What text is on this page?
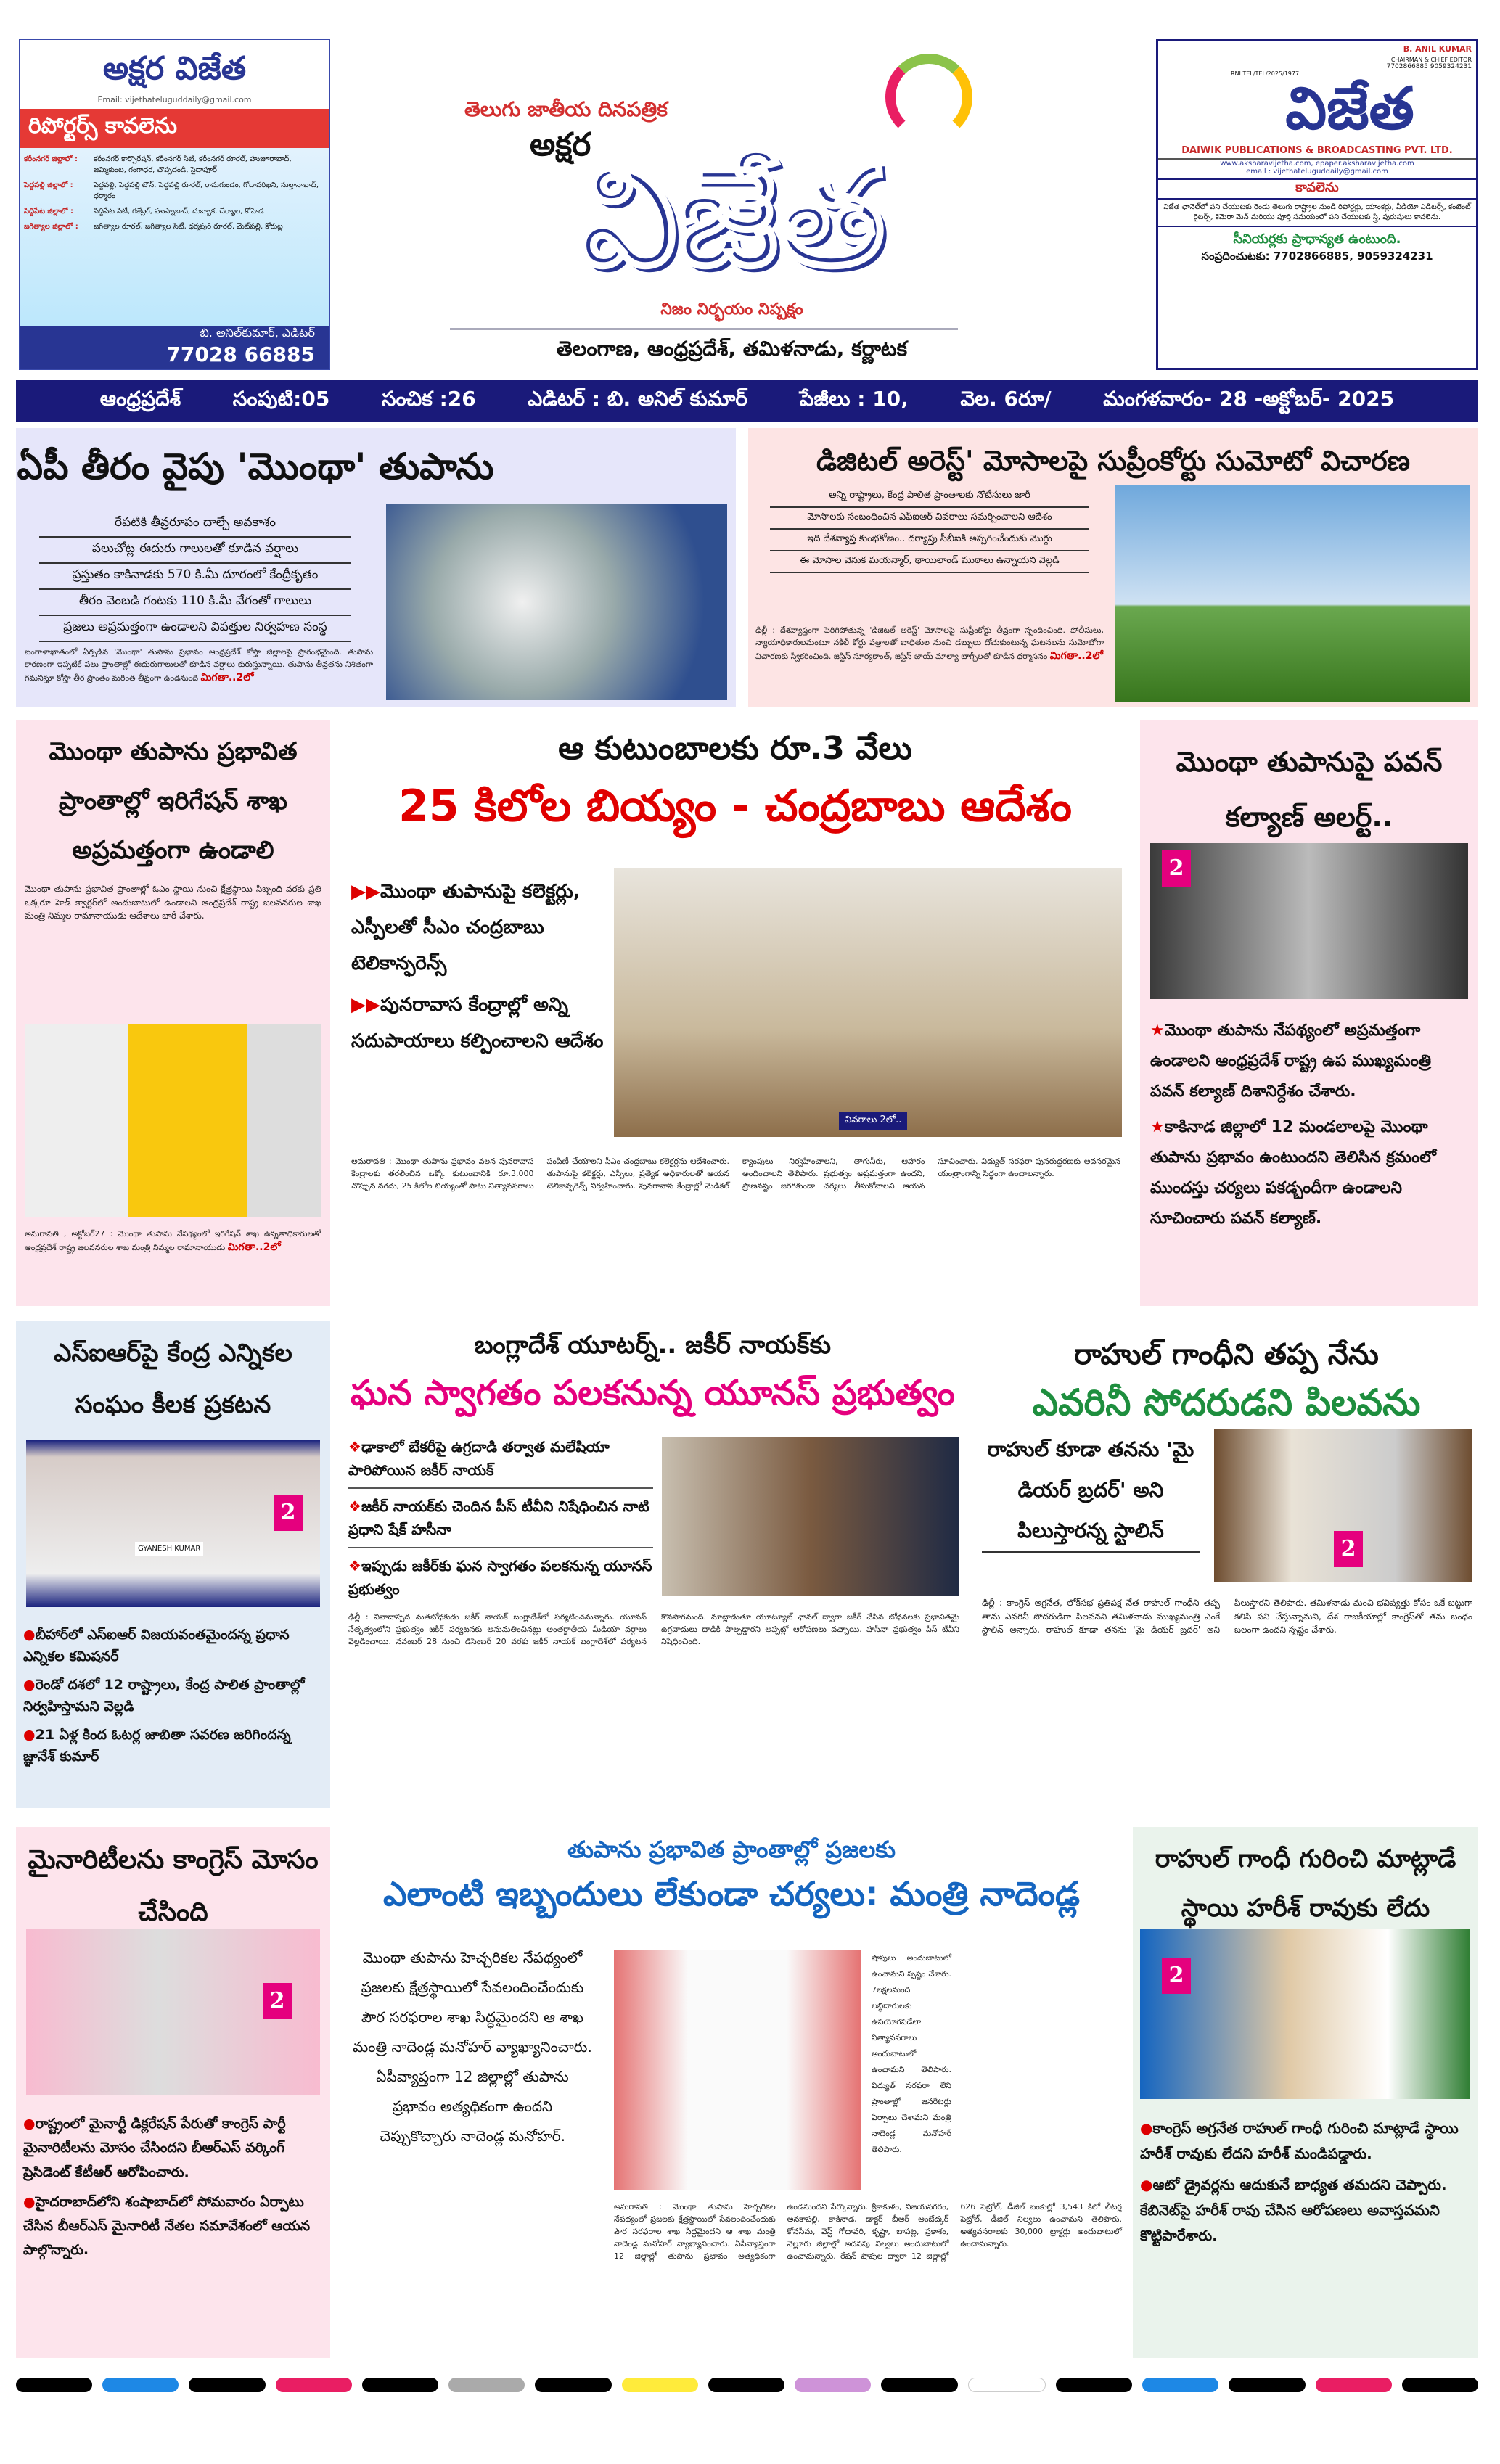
అక్షర విజేత
Email: vijethateluguddaily@gmail.com
రిపోర్టర్స్ కావలెను
కరీంనగర్ జిల్లాలో :	కరీంనగర్ కార్పొరేషన్, కరీంనగర్ సిటీ, కరీంనగర్ రూరల్, హుజూరాబాద్, జమ్మికుంట, గంగాధర, చొప్పదండి, సైదాపూర్
పెద్దపల్లి జిల్లాలో :	పెద్దపల్లి, పెద్దపల్లి టౌన్, పెద్దపల్లి రూరల్, రామగుండం, గోదావరిఖని, సుల్తానాబాద్, ధర్మారం
సిద్దిపేట జిల్లాలో :	సిద్దిపేట సిటీ, గజ్వేల్, హుస్నాబాద్, దుబ్బాక, చేర్యాల, కోహెడ
జగిత్యాల జిల్లాలో :	జగిత్యాల రూరల్, జగిత్యాల సిటీ, ధర్మపురి రూరల్, మెట్‌పల్లి, కోరుట్ల
బి. అనిల్‌కుమార్, ఎడిటర్
77028 66885
తెలుగు జాతీయ దినపత్రిక
అక్షర
విజేత
నిజం నిర్భయం నిష్పక్షం
తెలంగాణ, ఆంధ్రప్రదేశ్, తమిళనాడు, కర్ణాటక
B. ANIL KUMAR
CHAIRMAN & CHIEF EDITOR
7702866885 9059324231
RNI TEL/TEL/2025/1977
విజేత
DAIWIK PUBLICATIONS & BROADCASTING PVT. LTD.
www.aksharavijetha.com, epaper.aksharavijetha.com
email : vijethateluguddaily@gmail.com
కావలెను
విజేత ఛానెల్‌లో పని చేయుటకు రెండు తెలుగు రాష్ట్రాల నుండి రిపోర్టర్లు, యాంకర్లు, వీడియో ఎడిటర్స్, కంటెంట్ రైటర్స్, కెమెరా మెన్ మరియు పూర్తి సమయంలో పని చేయుటకు స్త్రీ, పురుషులు కావలెను.
సీనియర్లకు ప్రాధాన్యత ఉంటుంది.
సంప్రదించుటకు: 7702866885, 9059324231
ఆంధ్రప్రదేశ్	సంపుటి:05	సంచిక :26	ఎడిటర్ : బి. అనిల్ కుమార్	పేజీలు : 10,	వెల. 6రూ/	మంగళవారం- 28 -అక్టోబర్- 2025
ఏపీ తీరం వైపు 'మొంథా' తుపాను
రేపటికి తీవ్రరూపం దాల్చే అవకాశం
పలుచోట్ల ఈదురు గాలులతో కూడిన వర్షాలు
ప్రస్తుతం కాకినాడకు 570 కి.మీ దూరంలో కేంద్రీకృతం
తీరం వెంబడి గంటకు 110 కి.మీ వేగంతో గాలులు
ప్రజలు అప్రమత్తంగా ఉండాలని విపత్తుల నిర్వహణ సంస్థ
బంగాళాఖాతంలో ఏర్పడిన 'మొంథా' తుపాను ప్రభావం ఆంధ్రప్రదేశ్ కోస్తా జిల్లాలపై ప్రారంభమైంది. తుపాను కారణంగా ఇప్పటికే పలు ప్రాంతాల్లో ఈదురుగాలులతో కూడిన వర్షాలు కురుస్తున్నాయి. తుపాను తీవ్రతను నిశితంగా గమనిస్తూ కోస్తా తీర ప్రాంతం మరింత తీవ్రంగా ఉండనుంది మిగతా..2లో
డిజిటల్ అరెస్ట్' మోసాలపై సుప్రీంకోర్టు సుమోటో విచారణ
అన్ని రాష్ట్రాలు, కేంద్ర పాలిత ప్రాంతాలకు నోటీసులు జారీ
మోసాలకు సంబంధించిన ఎఫ్ఐఆర్ వివరాలు సమర్పించాలని ఆదేశం
ఇది దేశవ్యాప్త కుంభకోణం.. దర్యాప్తు సీబీఐకి అప్పగించేందుకు మొగ్గు
ఈ మోసాల వెనుక మయన్మార్, థాయిలాండ్ ముఠాలు ఉన్నాయని వెల్లడి
ఢిల్లీ : దేశవ్యాప్తంగా పెరిగిపోతున్న 'డిజిటల్ అరెస్ట్' మోసాలపై సుప్రీంకోర్టు తీవ్రంగా స్పందించింది. పోలీసులు, న్యాయాధికారులమంటూ నకిలీ కోర్టు పత్రాలతో బాధితుల నుంచి డబ్బులు దోచుకుంటున్న ఘటనలను సుమోటోగా విచారణకు స్వీకరించింది. జస్టిస్ సూర్యకాంత్, జస్టిస్ జాయ్ మాల్యా బాగ్చీలతో కూడిన ధర్మాసనం మిగతా..2లో
మొంథా తుపాను ప్రభావిత ప్రాంతాల్లో ఇరిగేషన్ శాఖ అప్రమత్తంగా ఉండాలి
మొంథా తుపాను ప్రభావిత ప్రాంతాల్లో ఓఎం స్థాయి నుంచి క్షేత్రస్థాయి సిబ్బంది వరకు ప్రతి ఒక్కరూ హెడ్ క్వార్టర్‌లో అందుబాటులో ఉండాలని ఆంధ్రప్రదేశ్ రాష్ట్ర జలవనరుల శాఖ మంత్రి నిమ్మల రామానాయుడు ఆదేశాలు జారీ చేశారు.
అమరావతి , అక్టోబర్27 : మొంథా తుపాను నేపథ్యంలో ఇరిగేషన్ శాఖ ఉన్నతాధికారులతో ఆంధ్రప్రదేశ్ రాష్ట్ర జలవనరుల శాఖ మంత్రి నిమ్మల రామానాయుడు మిగతా..2లో
ఆ కుటుంబాలకు రూ.3 వేలు
25 కిలోల బియ్యం - చంద్రబాబు ఆదేశం
▶▶మొంథా తుపానుపై కలెక్టర్లు, ఎస్పీలతో సీఎం చంద్రబాబు టెలికాన్ఫరెన్స్
▶▶పునరావాస కేంద్రాల్లో అన్ని సదుపాయాలు కల్పించాలని ఆదేశం
వివరాలు 2లో..
అమరావతి : మొంథా తుపాను ప్రభావం వలన పునరావాస కేంద్రాలకు తరలించిన ఒక్కో కుటుంబానికి రూ.3,000 చొప్పున నగదు, 25 కిలోల బియ్యంతో పాటు నిత్యావసరాలు పంపిణీ చేయాలని సీఎం చంద్రబాబు కలెక్టర్లను ఆదేశించారు. తుపానుపై కలెక్టర్లు, ఎస్పీలు, ప్రత్యేక అధికారులతో ఆయన టెలికాన్ఫరెన్స్ నిర్వహించారు. పునరావాస కేంద్రాల్లో మెడికల్ క్యాంపులు నిర్వహించాలని, తాగునీరు, ఆహారం అందించాలని తెలిపారు. ప్రభుత్వం అప్రమత్తంగా ఉందని, ప్రాణనష్టం జరగకుండా చర్యలు తీసుకోవాలని ఆయన సూచించారు. విద్యుత్ సరఫరా పునరుద్ధరణకు అవసరమైన యంత్రాంగాన్ని సిద్ధంగా ఉంచాలన్నారు.
మొంథా తుపానుపై పవన్ కల్యాణ్ అలర్ట్..
2
★మొంథా తుపాను నేపథ్యంలో అప్రమత్తంగా ఉండాలని ఆంధ్రప్రదేశ్ రాష్ట్ర ఉప ముఖ్యమంత్రి పవన్ కల్యాణ్ దిశానిర్దేశం చేశారు.
★కాకినాడ జిల్లాలో 12 మండలాలపై మొంథా తుపాను ప్రభావం ఉంటుందని తెలిసిన క్రమంలో ముందస్తు చర్యలు పకడ్బందీగా ఉండాలని సూచించారు పవన్ కల్యాణ్.
ఎస్ఐఆర్‌పై కేంద్ర ఎన్నికల సంఘం కీలక ప్రకటన
GYANESH KUMAR
2
●బీహార్‌లో ఎస్ఐఆర్ విజయవంతమైందన్న ప్రధాన ఎన్నికల కమిషనర్
●రెండో దశలో 12 రాష్ట్రాలు, కేంద్ర పాలిత ప్రాంతాల్లో నిర్వహిస్తామని వెల్లడి
●21 ఏళ్ల కింద ఓటర్ల జాబితా సవరణ జరిగిందన్న జ్ఞానేశ్ కుమార్
బంగ్లాదేశ్ యూటర్న్.. జకీర్ నాయక్‌కు
ఘన స్వాగతం పలకనున్న యూనస్ ప్రభుత్వం
❖ఢాకాలో బేకరీపై ఉగ్రదాడి తర్వాత మలేషియా పారిపోయిన జకీర్ నాయక్
❖జకీర్ నాయక్‌కు చెందిన పీస్ టీవీని నిషేధించిన నాటి ప్రధాని షేక్ హసీనా
❖ఇప్పుడు జకీర్‌కు ఘన స్వాగతం పలకనున్న యూనస్ ప్రభుత్వం
ఢిల్లీ : వివాదాస్పద మతబోధకుడు జకీర్ నాయక్ బంగ్లాదేశ్‌లో పర్యటించనున్నారు. యూనస్ నేతృత్వంలోని ప్రభుత్వం జకీర్ పర్యటనకు అనుమతించినట్లు అంతర్జాతీయ మీడియా వర్గాలు వెల్లడించాయి. నవంబర్ 28 నుంచి డిసెంబర్ 20 వరకు జకీర్ నాయక్ బంగ్లాదేశ్‌లో పర్యటన కొనసాగనుంది. మాట్లాడుతూ యూట్యూబ్ ఛానల్ ద్వారా జకీర్ చేసిన బోధనలకు ప్రభావితమై ఉగ్రవాదులు దాడికి పాల్పడ్డారని అప్పట్లో ఆరోపణలు వచ్చాయి. హసీనా ప్రభుత్వం పీస్ టీవీని నిషేధించింది.
రాహుల్ గాంధీని తప్ప నేను
ఎవరినీ సోదరుడని పిలవను
రాహుల్ కూడా తనను 'మై డియర్ బ్రదర్' అని పిలుస్తారన్న స్టాలిన్
2
ఢిల్లీ : కాంగ్రెస్ అగ్రనేత, లోక్‌సభ ప్రతిపక్ష నేత రాహుల్ గాంధీని తప్ప తాను ఎవరినీ సోదరుడిగా పిలవనని తమిళనాడు ముఖ్యమంత్రి ఎంకే స్టాలిన్ అన్నారు. రాహుల్ కూడా తనను 'మై డియర్ బ్రదర్' అని పిలుస్తారని తెలిపారు. తమిళనాడు మంచి భవిష్యత్తు కోసం ఒకే జట్టుగా కలిసి పని చేస్తున్నామని, దేశ రాజకీయాల్లో కాంగ్రెస్‌తో తమ బంధం బలంగా ఉందని స్పష్టం చేశారు.
మైనారిటీలను కాంగ్రెస్ మోసం చేసింది
2
●రాష్ట్రంలో మైనార్టీ డిక్లరేషన్ పేరుతో కాంగ్రెస్ పార్టీ మైనారిటీలను మోసం చేసిందని బీఆర్ఎస్ వర్కింగ్ ప్రెసిడెంట్ కేటీఆర్ ఆరోపించారు.
●హైదరాబాద్‌లోని శంషాబాద్‌లో సోమవారం ఏర్పాటు చేసిన బీఆర్ఎస్ మైనారిటీ నేతల సమావేశంలో ఆయన పాల్గొన్నారు.
తుపాను ప్రభావిత ప్రాంతాల్లో ప్రజలకు
ఎలాంటి ఇబ్బందులు లేకుండా చర్యలు: మంత్రి నాదెండ్ల
మొంథా తుపాను హెచ్చరికల నేపథ్యంలో ప్రజలకు క్షేత్రస్థాయిలో సేవలందించేందుకు పౌర సరఫరాల శాఖ సిద్ధమైందని ఆ శాఖ మంత్రి నాదెండ్ల మనోహర్ వ్యాఖ్యానించారు. ఏపీవ్యాప్తంగా 12 జిల్లాల్లో తుపాను ప్రభావం అత్యధికంగా ఉందని చెప్పుకొచ్చారు నాదెండ్ల మనోహర్.
షాపులు అందుబాటులో ఉంచామని స్పష్టం చేశారు. 7లక్షలమంది లబ్ధిదారులకు ఉపయోగపడేలా నిత్యావసరాలు అందుబాటులో ఉంచామని తెలిపారు. విద్యుత్ సరఫరా లేని ప్రాంతాల్లో జనరేటర్లు ఏర్పాటు చేశామని మంత్రి నాదెండ్ల మనోహర్ తెలిపారు.
అమరావతి : మొంథా తుపాను హెచ్చరికల నేపథ్యంలో ప్రజలకు క్షేత్రస్థాయిలో సేవలందించేందుకు పౌర సరఫరాల శాఖ సిద్ధమైందని ఆ శాఖ మంత్రి నాదెండ్ల మనోహర్ వ్యాఖ్యానించారు. ఏపీవ్యాప్తంగా 12 జిల్లాల్లో తుపాను ప్రభావం అత్యధికంగా ఉండనుందని పేర్కొన్నారు. శ్రీకాకుళం, విజయనగరం, అనకాపల్లి, కాకినాడ, డాక్టర్ బీఆర్ అంబేద్కర్ కోనసీమ, వెస్ట్ గోదావరి, కృష్ణా, బాపట్ల, ప్రకాశం, నెల్లూరు జిల్లాల్లో అదనపు నిల్వలు అందుబాటులో ఉంచామన్నారు. రేషన్ షాపుల ద్వారా 12 జిల్లాల్లో 626 పెట్రోల్, డీజిల్ బంకుల్లో 3,543 కిలో లీటర్ల పెట్రోల్, డీజిల్ నిల్వలు ఉంచామని తెలిపారు. అత్యవసరాలకు 30,000 ట్రాక్టర్లు అందుబాటులో ఉంచామన్నారు.
రాహుల్ గాంధీ గురించి మాట్లాడే స్థాయి హరీశ్ రావుకు లేదు
2
●కాంగ్రెస్ అగ్రనేత రాహుల్ గాంధీ గురించి మాట్లాడే స్థాయి హరీశ్ రావుకు లేదని హరీశ్ మండిపడ్డారు.
●ఆటో డ్రైవర్లను ఆదుకునే బాధ్యత తమదని చెప్పారు. కేబినెట్‌పై హరీశ్ రావు చేసిన ఆరోపణలు అవాస్తవమని కొట్టిపారేశారు.
